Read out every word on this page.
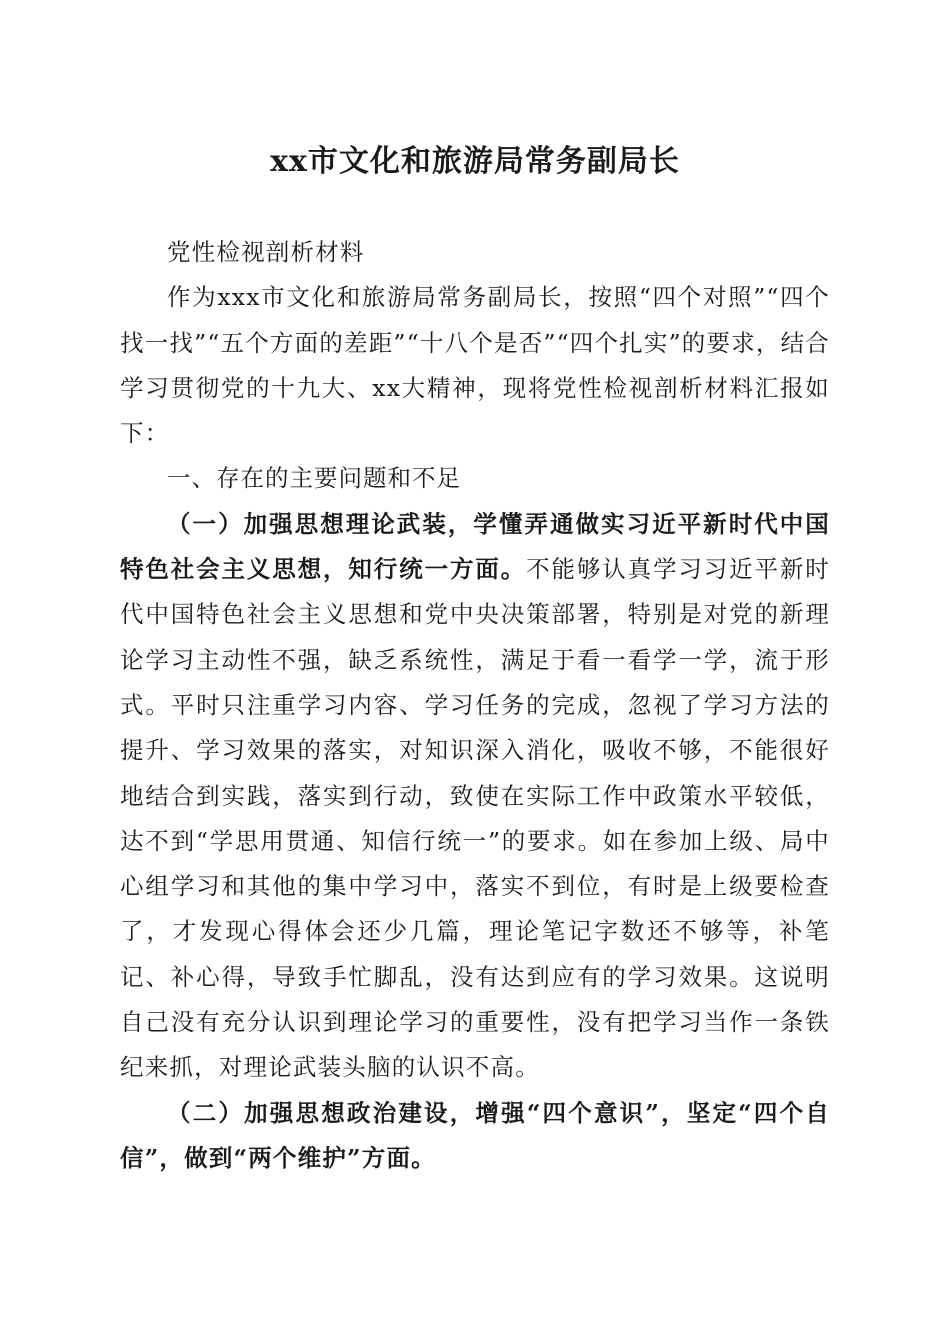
xx市文化和旅游局常务副局长

党性检视剖析材料

作为xxx市文化和旅游局常务副局长，按照“四个对照”“四个找一找”“五个方面的差距”“十八个是否”“四个扎实”的要求，结合学习贯彻党的十九大、xx大精神，现将党性检视剖析材料汇报如下：

一、存在的主要问题和不足

（一）加强思想理论武装，学懂弄通做实习近平新时代中国特色社会主义思想，知行统一方面。不能够认真学习习近平新时代中国特色社会主义思想和党中央决策部署，特别是对党的新理论学习主动性不强，缺乏系统性，满足于看一看学一学，流于形式。平时只注重学习内容、学习任务的完成，忽视了学习方法的提升、学习效果的落实，对知识深入消化，吸收不够，不能很好地结合到实践，落实到行动，致使在实际工作中政策水平较低，达不到“学思用贯通、知信行统一”的要求。如在参加上级、局中心组学习和其他的集中学习中，落实不到位，有时是上级要检查了，才发现心得体会还少几篇，理论笔记字数还不够等，补笔记、补心得，导致手忙脚乱，没有达到应有的学习效果。这说明自己没有充分认识到理论学习的重要性，没有把学习当作一条铁纪来抓，对理论武装头脑的认识不高。

（二）加强思想政治建设，增强“四个意识”，坚定“四个自信”，做到“两个维护”方面。
